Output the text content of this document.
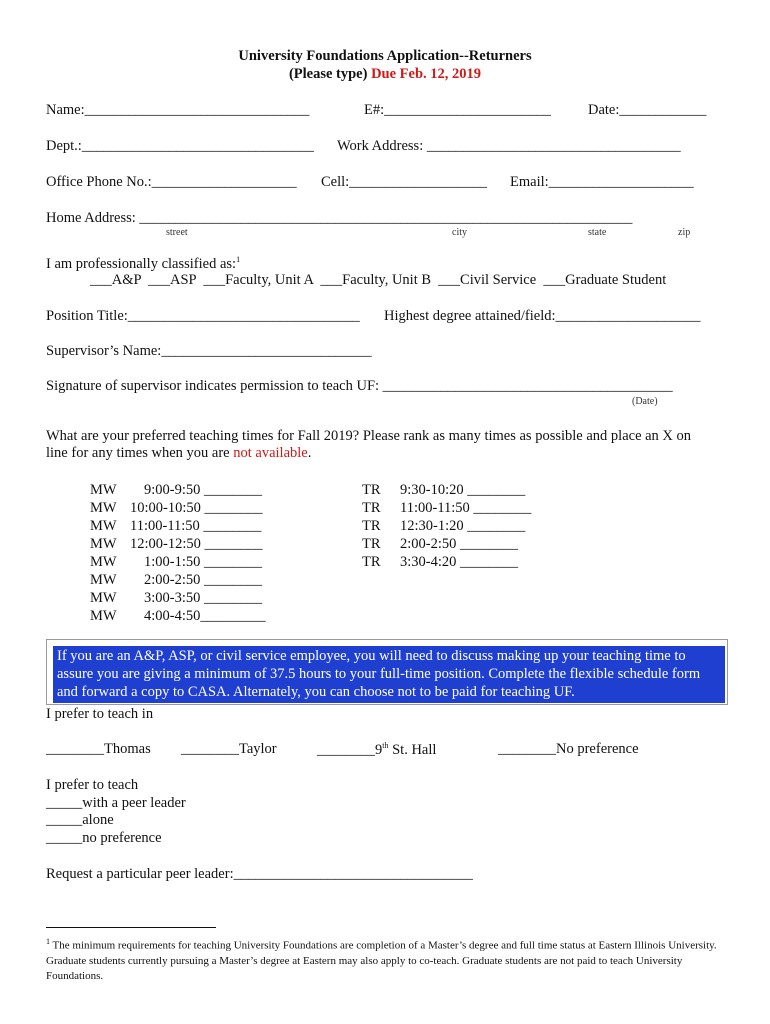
University Foundations Application--Returners
(Please type) Due Feb. 12, 2019
Name:_______________________________	E#:_______________________	Date:____________
Dept.:________________________________ Work Address: ___________________________________
Office Phone No.:____________________ Cell:___________________ Email:____________________
Home Address: ____________________________________________________________________
street	city	state	zip
I am professionally classified as:$^1$
___A&P  ___ASP  ___Faculty, Unit A  ___Faculty, Unit B  ___Civil Service  ___Graduate Student
Position Title:________________________________ Highest degree attained/field:____________________
Supervisor’s Name:_____________________________
Signature of supervisor indicates permission to teach UF: ________________________________________
(Date)
What are your preferred teaching times for Fall 2019? Please rank as many times as possible and place an X on
line for any times when you are not available.
MW 9:00-9:50 ________
MW 10:00-10:50 ________
MW 11:00-11:50 ________
MW 12:00-12:50 ________
MW 1:00-1:50 ________
MW 2:00-2:50 ________
MW 3:00-3:50 ________
MW 4:00-4:50_________
TR 9:30-10:20 ________
TR 11:00-11:50 ________
TR 12:30-1:20 ________
TR 2:00-2:50 ________
TR 3:30-4:20 ________
If you are an A&P, ASP, or civil service employee, you will need to discuss making up your teaching time to assure you are giving a minimum of 37.5 hours to your full-time position. Complete the flexible schedule form and forward a copy to CASA. Alternately, you can choose not to be paid for teaching UF.
I prefer to teach in
________Thomas ________Taylor	________9th St. Hall	________No preference
I prefer to teach
_____with a peer leader
_____alone
_____no preference
Request a particular peer leader:_________________________________
$^1$ The minimum requirements for teaching University Foundations are completion of a Master’s degree and full time status at Eastern Illinois University. Graduate students currently pursuing a Master’s degree at Eastern may also apply to co-teach. Graduate students are not paid to teach University Foundations.
